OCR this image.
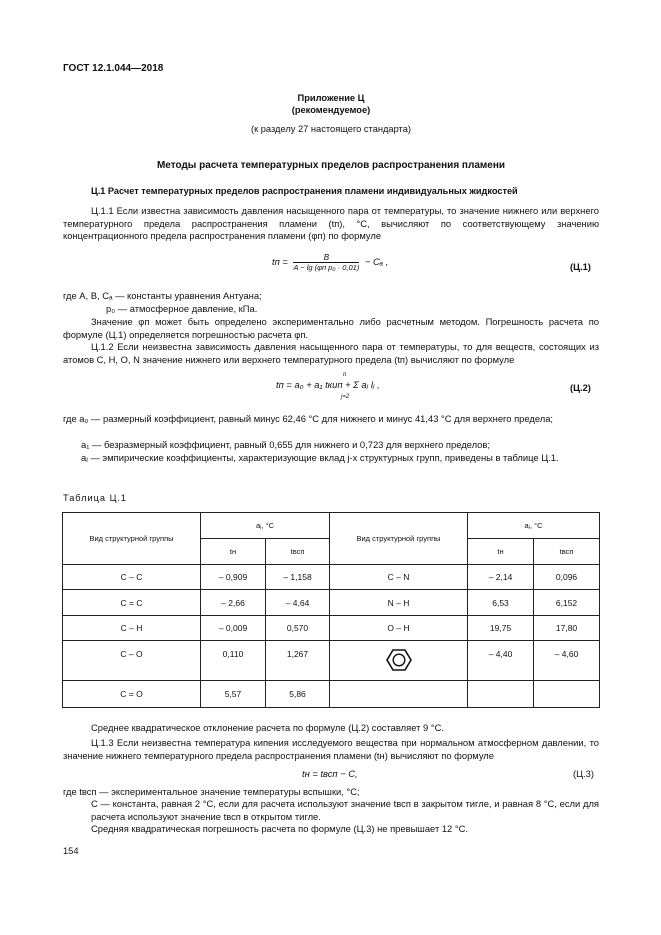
ГОСТ 12.1.044—2018
Приложение Ц
(рекомендуемое)
(к разделу 27 настоящего стандарта)
Методы расчета температурных пределов распространения пламени
Ц.1 Расчет температурных пределов распространения пламени индивидуальных жидкостей
Ц.1.1 Если известна зависимость давления насыщенного пара от температуры, то значение нижнего или верхнего температурного предела распространения пламени (tп), °С, вычисляют по соответствующему значению концентрационного предела распространения пламени (φп) по формуле
tп =	B
A − lg (φп p₀ · 0,01)
− Cₐ ,	(Ц.1)
где A, B, Cₐ — константы уравнения Антуана;
p₀ — атмосферное давление, кПа.
Значение φп может быть определено экспериментально либо расчетным методом. Погрешность расчета по формуле (Ц.1) определяется погрешностью расчета φп.
Ц.1.2 Если неизвестна зависимость давления насыщенного пара от температуры, то для веществ, состоящих из атомов С, Н, О, N значение нижнего или верхнего температурного предела (tп) вычисляют по формуле
tп = a₀ + a₁ tкип + Σ aⱼ lⱼ ,
n
j=2
(Ц.2)
где a₀ — размерный коэффициент, равный минус 62,46 °С для нижнего и минус 41,43 °С для верхнего предела;
a₁ — безразмерный коэффициент, равный 0,655 для нижнего и 0,723 для верхнего пределов;
aⱼ — эмпирические коэффициенты, характеризующие вклад j-х структурных групп, приведены в таблице Ц.1.
Таблица Ц.1
Вид структурной группы	aⱼ, °С		Вид структурной группы	aⱼ, °С	
	tн	tвсп		tн	tвсп
C – C	– 0,909	– 1,158	C – N	– 2,14	0,096
C = C	– 2,66	– 4,64	N – H	6,53	6,152
C – H	– 0,009	0,570	O – H	19,75	17,80
C – O	0,110	1,267		– 4,40	– 4,60
C = O	5,57	5,86			
Среднее квадратическое отклонение расчета по формуле (Ц.2) составляет 9 °С.
Ц.1.3 Если неизвестна температура кипения исследуемого вещества при нормальном атмосферном давлении, то значение нижнего температурного предела распространения пламени (tн) вычисляют по формуле
tн = tвсп − C,	(Ц.3)
где tвсп — экспериментальное значение температуры вспышки, °С;
C — константа, равная 2 °С, если для расчета используют значение tвсп в закрытом тигле, и равная 8 °С, если для расчета используют значение tвсп в открытом тигле.
Средняя квадратическая погрешность расчета по формуле (Ц.3) не превышает 12 °С.
154
